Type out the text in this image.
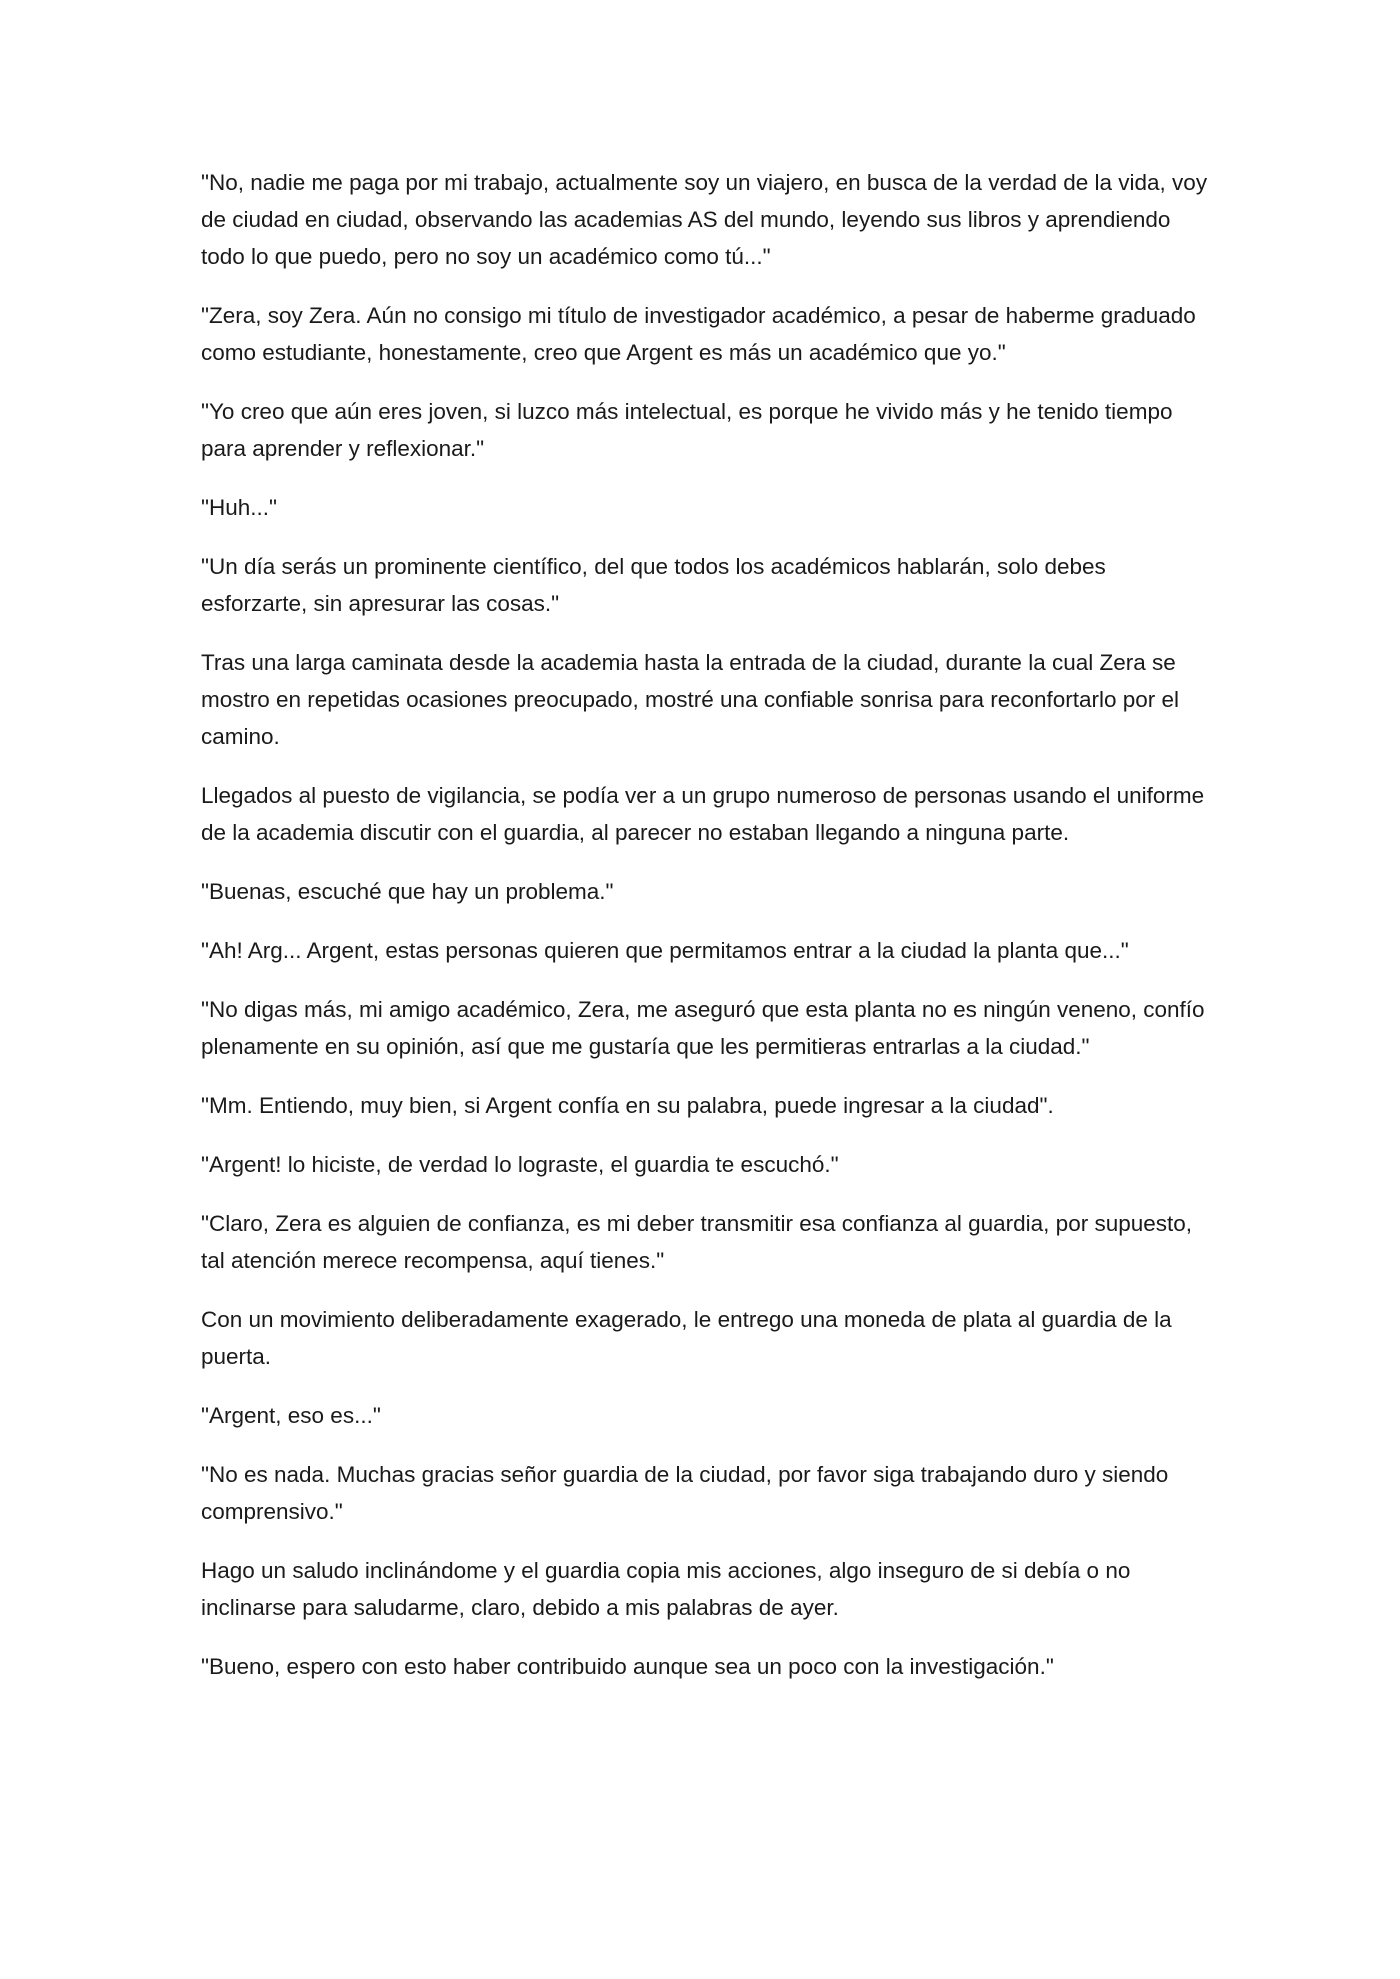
"No, nadie me paga por mi trabajo, actualmente soy un viajero, en busca de la verdad de la vida, voy de ciudad en ciudad, observando las academias AS del mundo, leyendo sus libros y aprendiendo todo lo que puedo, pero no soy un académico como tú..."

"Zera, soy Zera. Aún no consigo mi título de investigador académico, a pesar de haberme graduado como estudiante, honestamente, creo que Argent es más un académico que yo."

"Yo creo que aún eres joven, si luzco más intelectual, es porque he vivido más y he tenido tiempo para aprender y reflexionar."

"Huh..."

"Un día serás un prominente científico, del que todos los académicos hablarán, solo debes esforzarte, sin apresurar las cosas."

Tras una larga caminata desde la academia hasta la entrada de la ciudad, durante la cual Zera se mostro en repetidas ocasiones preocupado, mostré una confiable sonrisa para reconfortarlo por el camino.

Llegados al puesto de vigilancia, se podía ver a un grupo numeroso de personas usando el uniforme de la academia discutir con el guardia, al parecer no estaban llegando a ninguna parte.

"Buenas, escuché que hay un problema."

"Ah! Arg... Argent, estas personas quieren que permitamos entrar a la ciudad la planta que..."

"No digas más, mi amigo académico, Zera, me aseguró que esta planta no es ningún veneno, confío plenamente en su opinión, así que me gustaría que les permitieras entrarlas a la ciudad."

"Mm. Entiendo, muy bien, si Argent confía en su palabra, puede ingresar a la ciudad".

"Argent! lo hiciste, de verdad lo lograste, el guardia te escuchó."

"Claro, Zera es alguien de confianza, es mi deber transmitir esa confianza al guardia, por supuesto, tal atención merece recompensa, aquí tienes."

Con un movimiento deliberadamente exagerado, le entrego una moneda de plata al guardia de la puerta.

"Argent, eso es..."

"No es nada. Muchas gracias señor guardia de la ciudad, por favor siga trabajando duro y siendo comprensivo."

Hago un saludo inclinándome y el guardia copia mis acciones, algo inseguro de si debía o no inclinarse para saludarme, claro, debido a mis palabras de ayer.

"Bueno, espero con esto haber contribuido aunque sea un poco con la investigación."
